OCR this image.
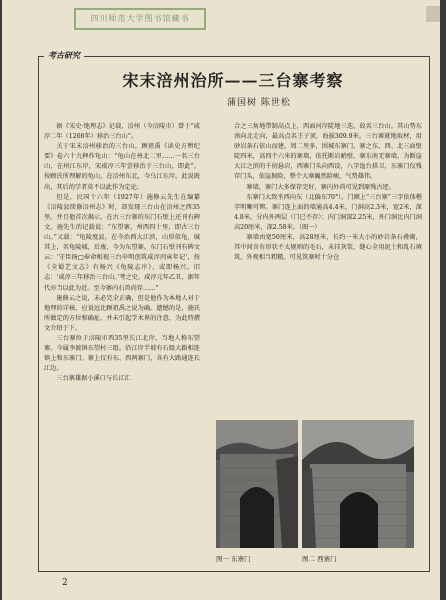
四川师范大学图书馆藏书
考古研究
宋末涪州治所——三台寨考察
蒲国树 陈世松

据《宋史·地理志》记载，涪州（今涪陵市）曾于“咸淳二年（1266年）移治三台山”。

关于宋末涪州移治的三台山，顾祖禹《读史方舆纪要》卷六十九释作龟山：“龟山在州北二里……一名三台山，在州江东岸，宋咸淳三年尝移治于三台山，即此”。按顾氏所理解的龟山，在涪州东北，今乌江东岸。此说既出，其后的学者莫不以此作为定论。

但是，民国十六年（1927年）施修云先生在编纂《涪陵县续修涪州志》时，却发现三台山在涪州之西35里。并且他首次揭示，在古三台寨的东门石壁上还刊有碑文。施先生的记载说：“东望寨，州西四十里，即古三台山。”又载：“龟陵度县，在今治西大江滨，山形似龟，城其上，名龟陵城，后废，今为东望寨。东门石壁刊有碑文云：‘守臣扬□奉命相视三台申明创筑咸淳丙寅年记’，按《全蜀艺文志》有杨兴《龟陵志序》，或即杨兴。旧志：‘咸淳三年移治三台山。’考之史，咸淳元年乙丑，据年代亦当以此为近。至今寨内石兽尚存……”

施修云之说，未必完全正确，但是他作为本地人对于地理的详核，应说远比顾祖禹之说为确。遗憾的是，施氏所做定的方位和确址，并未引起学术界的注意，为此特撰文介绍于下。

三台寨位于涪陵市西35里长江北岸，当地人称东望寨，今属李渡镇东望村三组。沿江岸半坡有石级大路相连镇上和东寨门。寨上仅有东、西两寨门，各有大路通连长江边。

三台寨雄据小溪口与长江汇

合之三角地带制高点上，西面河岸陡地三迭，故名三台山。其山势东南向北走向，最高点名王子顶，海拔309.9米。三台寨就地取材，用砂岩条石依山而建，周二里多，围城东寨门，寨之东、西、北三面壁陡四米，高四个六米的寨墙，依托断岩峭壁，寨东南无寨墙，为断崖大江之滨的千仞悬岩，西寨门头向西设，八字迤台拱卫，东寨门仅残存门头，依崖据险，整个大寨巍然险峻，气势雄伟。

寨墙，寨门大多保存完好，寨内外尚可见到原残古迹。

东寨门大致坐西向东（北偏东70°），门额上“三台寨”三字依体楷字明晰可辨。寨门连上面的墙通高4.4米。门洞高2.3米，宽2米，深4.8米，分内外两层（门已不存）；内门洞深2.25米，外门洞比内门洞高20厘米，深2.58米。（图一）

寨墙由宽50厘米，高28厘米，长约一米大小的砂岩条石叠砌，其中间含有形状不太规则的毛石，未挂灰浆，缝心全用泥土和乱石填筑，外观相当粗糙。可见筑寨时十分仓

图一 东寨门	图二 西寨门
2
